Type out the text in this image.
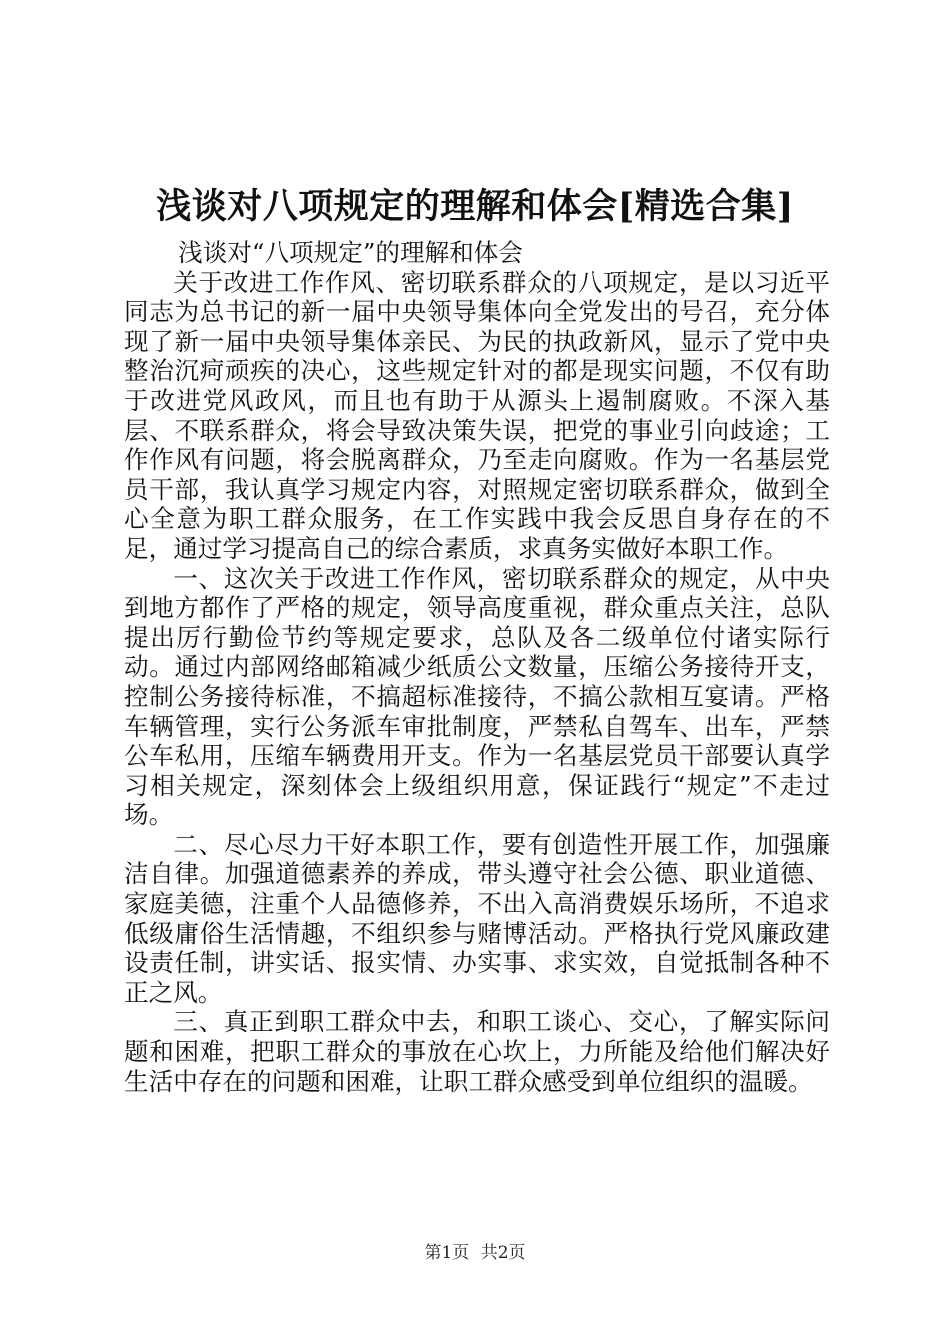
浅谈对八项规定的理解和体会[精选合集]
浅谈对“八项规定”的理解和体会

关于改进工作作风、密切联系群众的八项规定，是以习近平同志为总书记的新一届中央领导集体向全党发出的号召，充分体现了新一届中央领导集体亲民、为民的执政新风，显示了党中央整治沉疴顽疾的决心，这些规定针对的都是现实问题，不仅有助于改进党风政风，而且也有助于从源头上遏制腐败。不深入基层、不联系群众，将会导致决策失误，把党的事业引向歧途；工作作风有问题，将会脱离群众，乃至走向腐败。作为一名基层党员干部，我认真学习规定内容，对照规定密切联系群众，做到全心全意为职工群众服务，在工作实践中我会反思自身存在的不足，通过学习提高自己的综合素质，求真务实做好本职工作。

一、这次关于改进工作作风，密切联系群众的规定，从中央到地方都作了严格的规定，领导高度重视，群众重点关注，总队提出厉行勤俭节约等规定要求，总队及各二级单位付诸实际行动。通过内部网络邮箱减少纸质公文数量，压缩公务接待开支，控制公务接待标准，不搞超标准接待，不搞公款相互宴请。严格车辆管理，实行公务派车审批制度，严禁私自驾车、出车，严禁公车私用，压缩车辆费用开支。作为一名基层党员干部要认真学习相关规定，深刻体会上级组织用意，保证践行“规定”不走过场。

二、尽心尽力干好本职工作，要有创造性开展工作，加强廉洁自律。加强道德素养的养成，带头遵守社会公德、职业道德、家庭美德，注重个人品德修养，不出入高消费娱乐场所，不追求低级庸俗生活情趣，不组织参与赌博活动。严格执行党风廉政建设责任制，讲实话、报实情、办实事、求实效，自觉抵制各种不正之风。

三、真正到职工群众中去，和职工谈心、交心，了解实际问题和困难，把职工群众的事放在心坎上，力所能及给他们解决好生活中存在的问题和困难，让职工群众感受到单位组织的温暖。

第1页 共2页
